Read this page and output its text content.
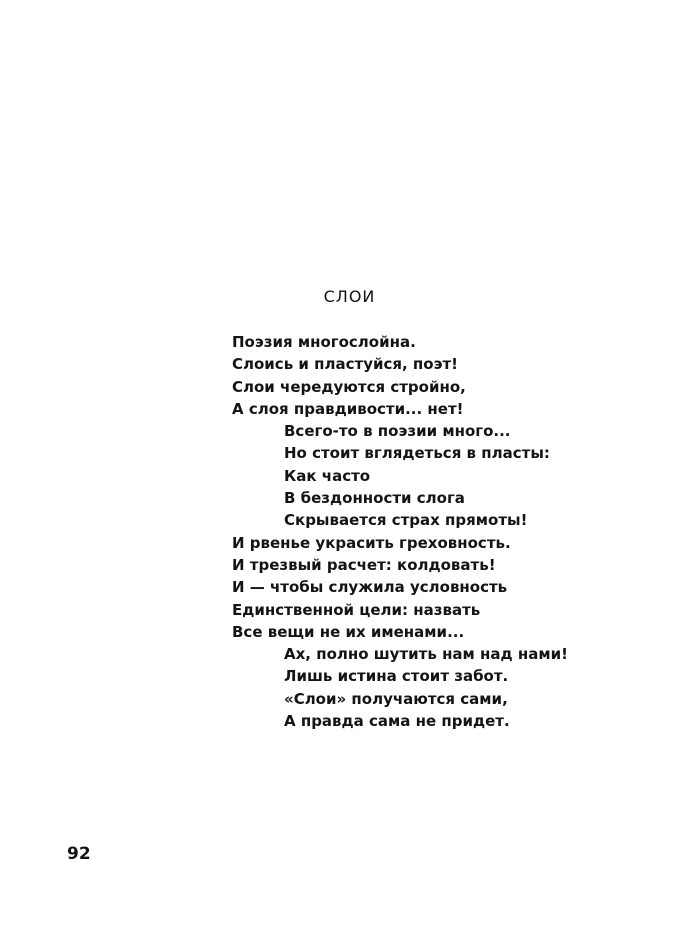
СЛОИ
Поэзия многослойна.
Слоись и пластуйся, поэт!
Слои чередуются стройно,
А слоя правдивости... нет!
Всего-то в поэзии много...
Но стоит вглядеться в пласты:
Как часто
В бездонности слога
Скрывается страх прямоты!
И рвенье украсить греховность.
И трезвый расчет: колдовать!
И — чтобы служила условность
Единственной цели: назвать
Все вещи не их именами...
Ах, полно шутить нам над нами!
Лишь истина стоит забот.
«Слои» получаются сами,
А правда сама не придет.
92
